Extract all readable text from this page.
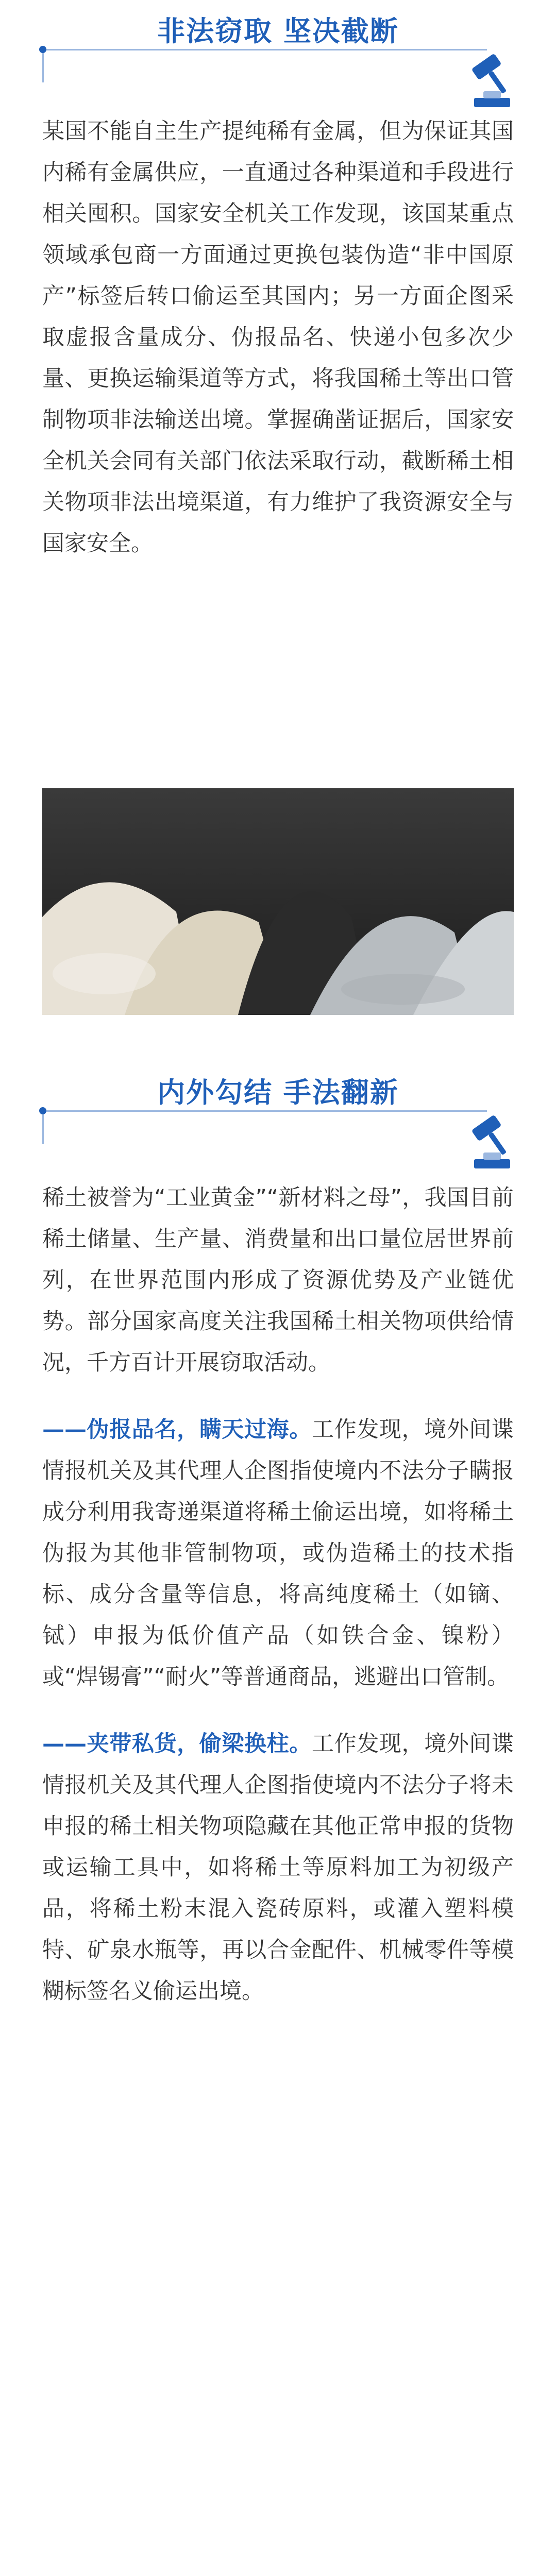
非法窃取 坚决截断

某国不能自主生产提纯稀有金属，但为保证其国内稀有金属供应，一直通过各种渠道和手段进行相关囤积。国家安全机关工作发现，该国某重点领域承包商一方面通过更换包装伪造“非中国原产”标签后转口偷运至其国内；另一方面企图采取虚报含量成分、伪报品名、快递小包多次少量、更换运输渠道等方式，将我国稀土等出口管制物项非法输送出境。掌握确凿证据后，国家安全机关会同有关部门依法采取行动，截断稀土相关物项非法出境渠道，有力维护了我资源安全与国家安全。

内外勾结 手法翻新

稀土被誉为“工业黄金”“新材料之母”，我国目前稀土储量、生产量、消费量和出口量位居世界前列，在世界范围内形成了资源优势及产业链优势。部分国家高度关注我国稀土相关物项供给情况，千方百计开展窃取活动。

——伪报品名，瞒天过海。工作发现，境外间谍情报机关及其代理人企图指使境内不法分子瞒报成分利用我寄递渠道将稀土偷运出境，如将稀土伪报为其他非管制物项，或伪造稀土的技术指标、成分含量等信息，将高纯度稀土（如镝、铽）申报为低价值产品（如铁合金、镍粉）或“焊锡膏”“耐火”等普通商品，逃避出口管制。

——夹带私货，偷梁换柱。工作发现，境外间谍情报机关及其代理人企图指使境内不法分子将未申报的稀土相关物项隐藏在其他正常申报的货物或运输工具中，如将稀土等原料加工为初级产品，将稀土粉末混入瓷砖原料，或灌入塑料模特、矿泉水瓶等，再以合金配件、机械零件等模糊标签名义偷运出境。
